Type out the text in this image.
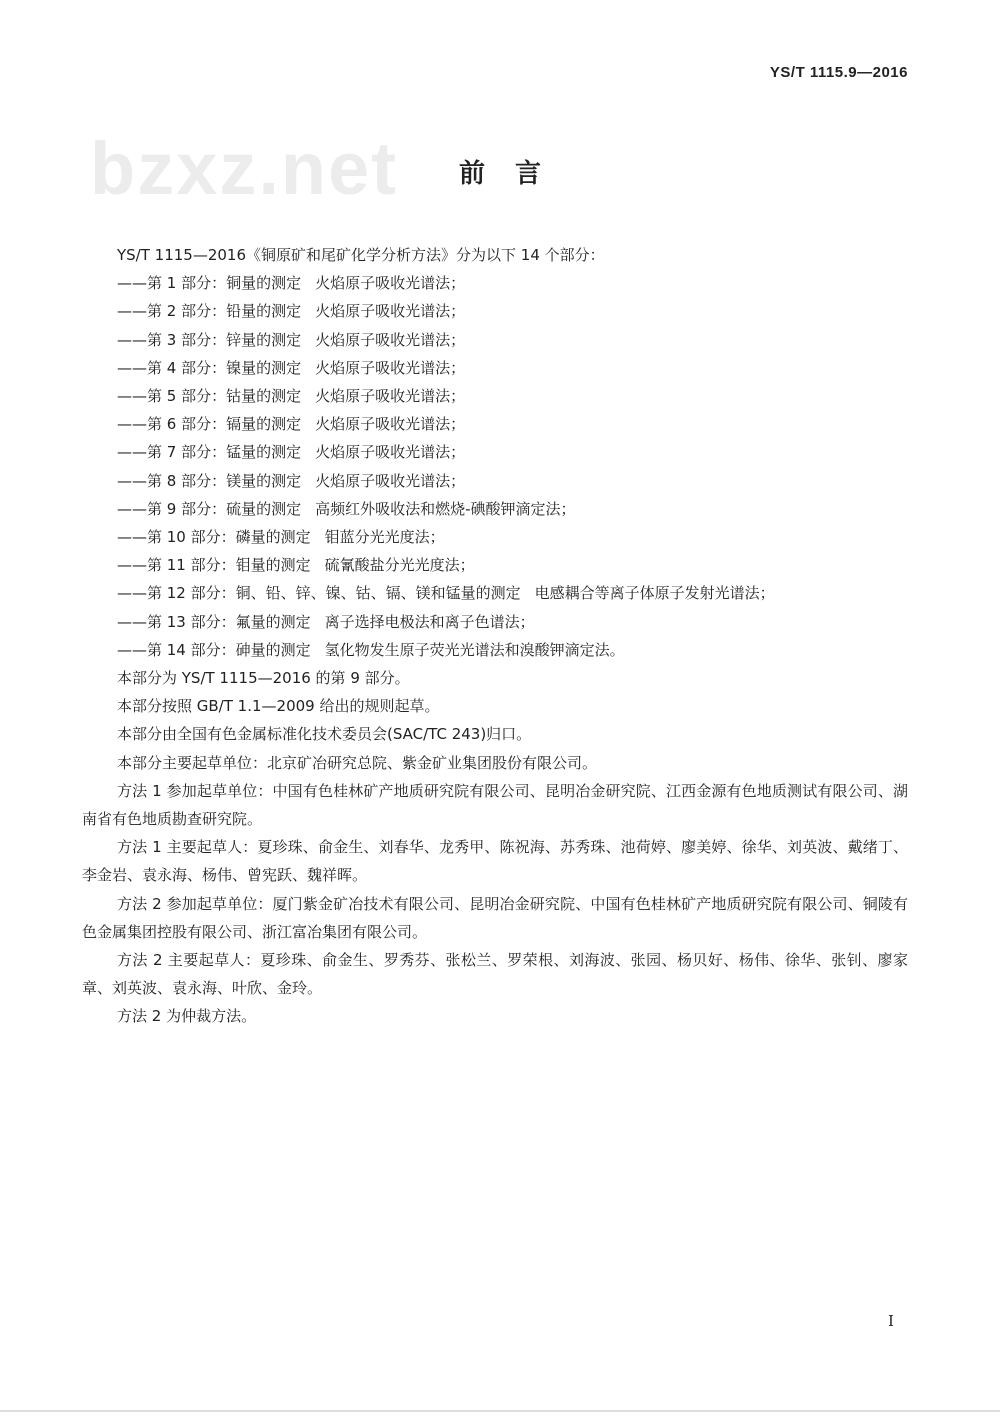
YS/T 1115.9—2016
bzxz.net	前言

YS/T 1115—2016《铜原矿和尾矿化学分析方法》分为以下 14 个部分：

——第 1 部分：铜量的测定 火焰原子吸收光谱法；

——第 2 部分：铅量的测定 火焰原子吸收光谱法；

——第 3 部分：锌量的测定 火焰原子吸收光谱法；

——第 4 部分：镍量的测定 火焰原子吸收光谱法；

——第 5 部分：钴量的测定 火焰原子吸收光谱法；

——第 6 部分：镉量的测定 火焰原子吸收光谱法；

——第 7 部分：锰量的测定 火焰原子吸收光谱法；

——第 8 部分：镁量的测定 火焰原子吸收光谱法；

——第 9 部分：硫量的测定 高频红外吸收法和燃烧-碘酸钾滴定法；

——第 10 部分：磷量的测定 钼蓝分光光度法；

——第 11 部分：钼量的测定 硫氰酸盐分光光度法；

——第 12 部分：铜、铅、锌、镍、钴、镉、镁和锰量的测定 电感耦合等离子体原子发射光谱法；

——第 13 部分：氟量的测定 离子选择电极法和离子色谱法；

——第 14 部分：砷量的测定 氢化物发生原子荧光光谱法和溴酸钾滴定法。

本部分为 YS/T 1115—2016 的第 9 部分。

本部分按照 GB/T 1.1—2009 给出的规则起草。

本部分由全国有色金属标准化技术委员会(SAC/TC 243)归口。

本部分主要起草单位：北京矿冶研究总院、紫金矿业集团股份有限公司。

方法 1 参加起草单位：中国有色桂林矿产地质研究院有限公司、昆明冶金研究院、江西金源有色地质测试有限公司、湖南省有色地质勘查研究院。

方法 1 主要起草人：夏珍珠、俞金生、刘春华、龙秀甲、陈祝海、苏秀珠、池荷婷、廖美婷、徐华、刘英波、戴绪丁、李金岩、袁永海、杨伟、曾宪跃、魏祥晖。

方法 2 参加起草单位：厦门紫金矿冶技术有限公司、昆明冶金研究院、中国有色桂林矿产地质研究院有限公司、铜陵有色金属集团控股有限公司、浙江富冶集团有限公司。

方法 2 主要起草人：夏珍珠、俞金生、罗秀芬、张松兰、罗荣根、刘海波、张园、杨贝好、杨伟、徐华、张钊、廖家章、刘英波、袁永海、叶欣、金玲。

方法 2 为仲裁方法。

I
